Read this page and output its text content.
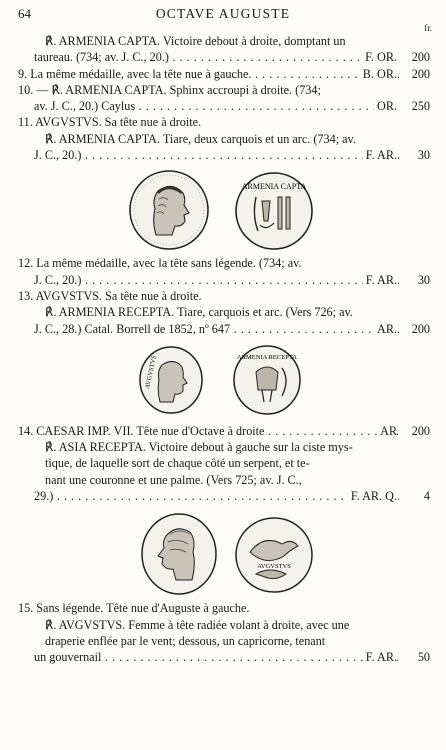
64	OCTAVE AUGUSTE
fr.
℟. ARMENIA CAPTA. Victoire debout à droite, domptant un
taureau. (734; av. J. C., 20.) . . .	F. OR.	200
9. La même médaille, avec la tête nue à gauche. . . .	B. OR.	200
10. — ℟. ARMENIA CAPTA. Sphinx accroupi à droite. (734;
av. J. C., 20.) Caylus . . .	OR.	250
11. AVGVSTVS. Sa tête nue à droite.
℟. ARMENIA CAPTA. Tiare, deux carquois et un arc. (734; av.
J. C., 20.) . . .	F. AR.	30
ARMENIA CAPTA
12. La même médaille, avec la tête sans légende. (734; av.
J. C., 20.) . . .	F. AR.	30
13. AVGVSTVS. Sa tête nue à droite.
℟. ARMENIA RECEPTA. Tiare, carquois et arc. (Vers 726; av.
J. C., 28.) Catal. Borrell de 1852, nº 647 . . .	AR.	200
AVGVSTVS	ARMENIA RECEPTA
14. CAESAR IMP. VII. Tête nue d'Octave à droite . . .	AR	200
℟. ASIA RECEPTA. Victoire debout à gauche sur la ciste mys-
tique, de laquelle sort de chaque côté un serpent, et te-
nant une couronne et une palme. (Vers 725; av. J. C.,
29.) . . .	F. AR. Q.	4
AVGVSTVS
15. Sans légende. Tête nue d'Auguste à gauche.
℟. AVGVSTVS. Femme à tête radiée volant à droite, avec une
draperie enflée par le vent; dessous, un capricorne, tenant
un gouvernail . . .	F. AR.	50
